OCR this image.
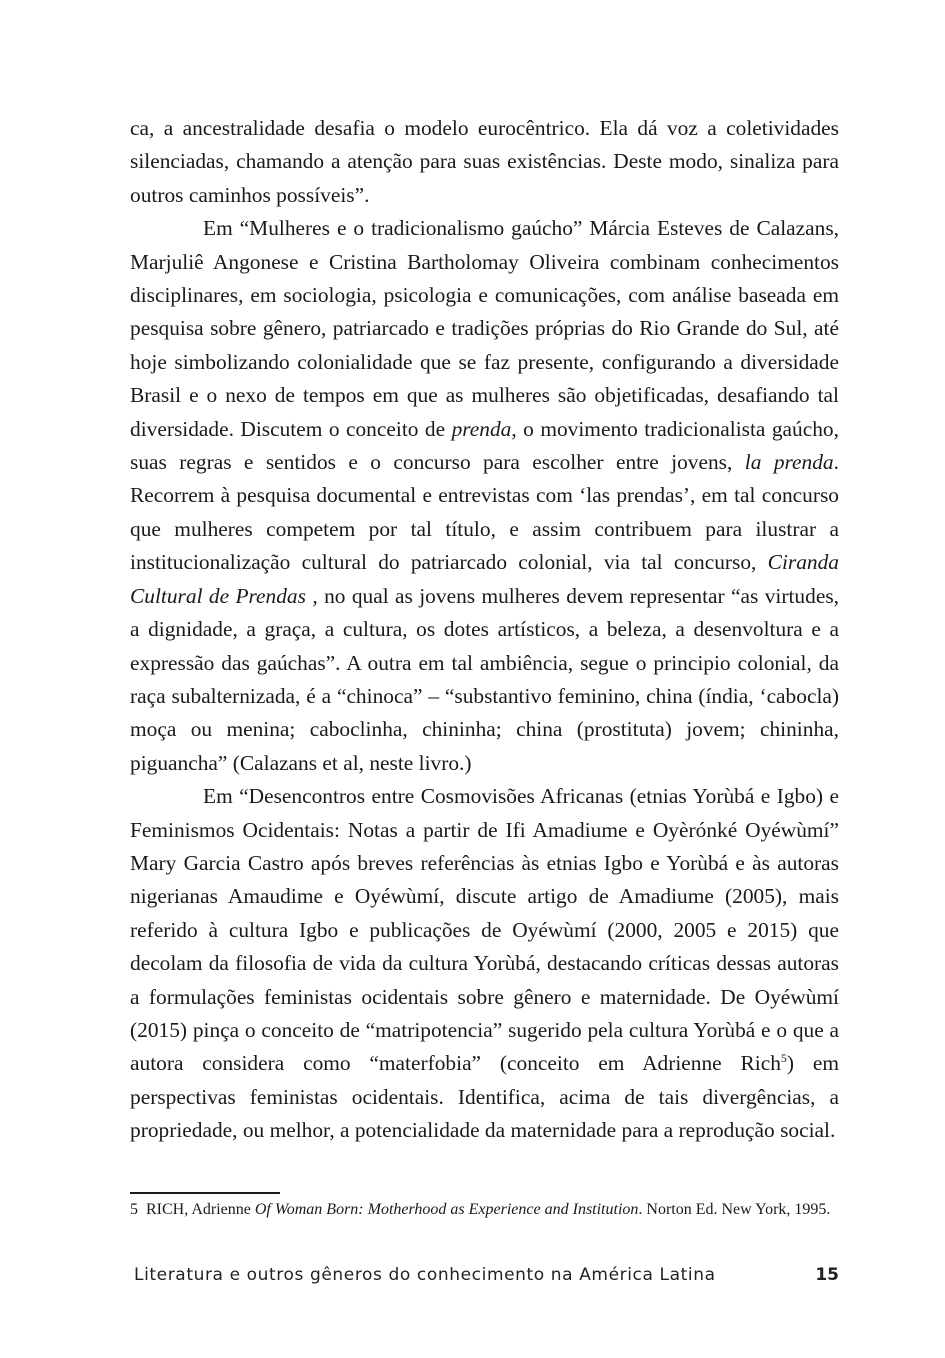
ca, a ancestralidade desafia o modelo eurocêntrico. Ela dá voz a coletividades silenciadas, chamando a atenção para suas existências. Deste modo, sinaliza para outros caminhos possíveis”.

Em “Mulheres e o tradicionalismo gaúcho” Márcia Esteves de Calazans, Marjuliê Angonese e Cristina Bartholomay Oliveira combinam conhecimentos disciplinares, em sociologia, psicologia e comunicações, com análise baseada em pesquisa sobre gênero, patriarcado e tradições próprias do Rio Grande do Sul, até hoje simbolizando colonialidade que se faz presente, configurando a diversidade Brasil e o nexo de tempos em que as mulheres são objetificadas, desafiando tal diversidade. Discutem o conceito de prenda, o movimento tradicionalista gaúcho, suas regras e sentidos e o concurso para escolher entre jovens, la prenda. Recorrem à pesquisa documental e entrevistas com ‘las prendas’, em tal concurso que mulheres competem por tal título, e assim contribuem para ilustrar a institucionalização cultural do patriarcado colonial, via tal concurso, Ciranda Cultural de Prendas , no qual as jovens mulheres devem representar “as virtudes, a dignidade, a graça, a cultura, os dotes artísticos, a beleza, a desenvoltura e a expressão das gaúchas”. A outra em tal ambiência, segue o principio colonial, da raça subalternizada, é a “chinoca” – “substantivo feminino, china (índia, ‘cabocla) moça ou menina; caboclinha, chininha; china (prostituta) jovem; chininha, piguancha” (Calazans et al, neste livro.)

Em “Desencontros entre Cosmovisões Africanas (etnias Yorùbá e Igbo) e Feminismos Ocidentais: Notas a partir de Ifi Amadiume e Oyèrónké Oyéwùmí” Mary Garcia Castro após breves referências às etnias Igbo e Yorùbá e às autoras nigerianas Amaudime e Oyéwùmí, discute artigo de Amadiume (2005), mais referido à cultura Igbo e publicações de Oyéwùmí (2000, 2005 e 2015) que decolam da filosofia de vida da cultura Yorùbá, destacando críticas dessas autoras a formulações feministas ocidentais sobre gênero e maternidade. De Oyéwùmí (2015) pinça o conceito de “matripotencia” sugerido pela cultura Yorùbá e o que a autora considera como “materfobia” (conceito em Adrienne Rich$^5$) em perspectivas feministas ocidentais. Identifica, acima de tais divergências, a propriedade, ou melhor, a potencialidade da maternidade para a reprodução social.

5 RICH, Adrienne Of Woman Born: Motherhood as Experience and Institution. Norton Ed. New York, 1995.

Literatura e outros gêneros do conhecimento na América Latina	15
